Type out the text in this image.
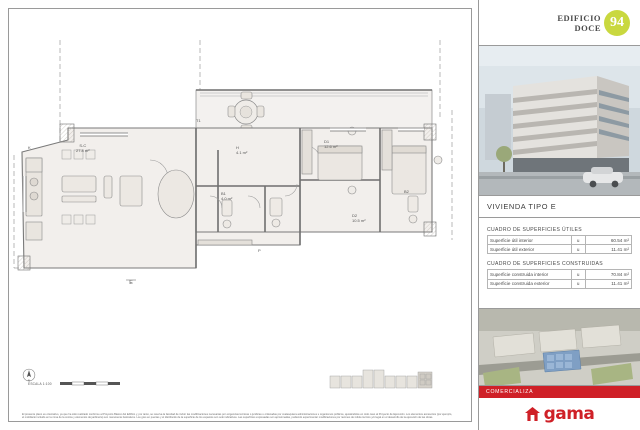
E
T1
S-C
27.8 m²
K	H
4.1 m²
B1
4.0 m²
B2
D1
12.6 m²
D2
10.5 m²
P
N
ESCALA 1:100
El presente plano es orientativo, ya que ha sido realizado conforme al Proyecto Básico del Edificio y, por tanto, se reserva la facultad de incluir las modificaciones necesarias por exigencias técnicas o jurídicas u ordenadas por cualesquiera administraciones u organismos públicos, ajustándolos en todo caso al Proyecto de Ejecución. Los elementos accesorios (por ejemplo, el mobiliario incluido en la zona de la cocina y elementos de jardinería) son meramente ilustrativos. Los gres en puertas y el distribuido de la superficie de los espacios son solo indicativos. Las superficies expresadas son aproximadas, pudiendo experimentar modificaciones por razones de índole técnico y/o legal en el desarrollo de la ejecución de las obras.
EDIFICIO
DOCE 94
VIVIENDA TIPO E
CUADRO DE SUPERFICIES ÚTILES
Superficie útil interior	u	60.54 m²
Superficie útil exterior	u	11.41 m²
CUADRO DE SUPERFICIES CONSTRUIDAS
Superficie construida interior	u	70.84 m²
Superficie construida exterior	u	11.41 m²
COMERCIALIZA
gama
